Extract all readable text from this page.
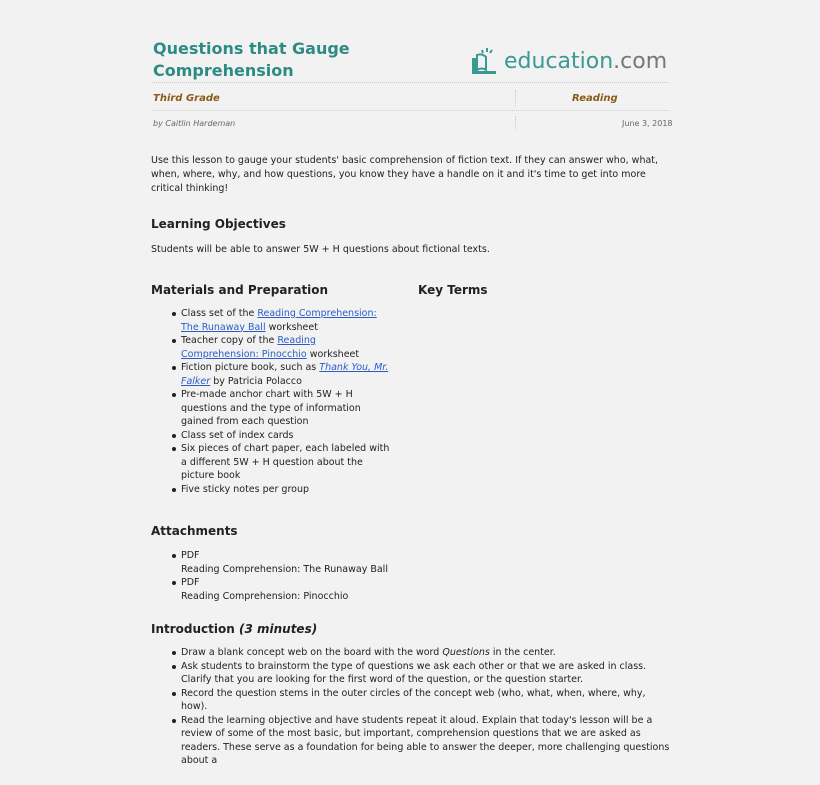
Questions that Gauge Comprehension	education.com
Third Grade	Reading
by Caitlin Hardeman	June 3, 2018
Use this lesson to gauge your students' basic comprehension of fiction text. If they can answer who, what, when, where, why, and how questions, you know they have a handle on it and it's time to get into more critical thinking!
Learning Objectives
Students will be able to answer 5W + H questions about fictional texts.
Materials and Preparation	Key Terms
Class set of the Reading Comprehension: The Runaway Ball worksheet
Teacher copy of the Reading Comprehension: Pinocchio worksheet
Fiction picture book, such as Thank You, Mr. Falker by Patricia Polacco
Pre-made anchor chart with 5W + H questions and the type of information gained from each question
Class set of index cards
Six pieces of chart paper, each labeled with a different 5W + H question about the picture book
Five sticky notes per group
Attachments
PDF
Reading Comprehension: The Runaway Ball
PDF
Reading Comprehension: Pinocchio
Introduction (3 minutes)
Draw a blank concept web on the board with the word Questions in the center.
Ask students to brainstorm the type of questions we ask each other or that we are asked in class. Clarify that you are looking for the first word of the question, or the question starter.
Record the question stems in the outer circles of the concept web (who, what, when, where, why, how).
Read the learning objective and have students repeat it aloud. Explain that today's lesson will be a review of some of the most basic, but important, comprehension questions that we are asked as readers. These serve as a foundation for being able to answer the deeper, more challenging questions about a
